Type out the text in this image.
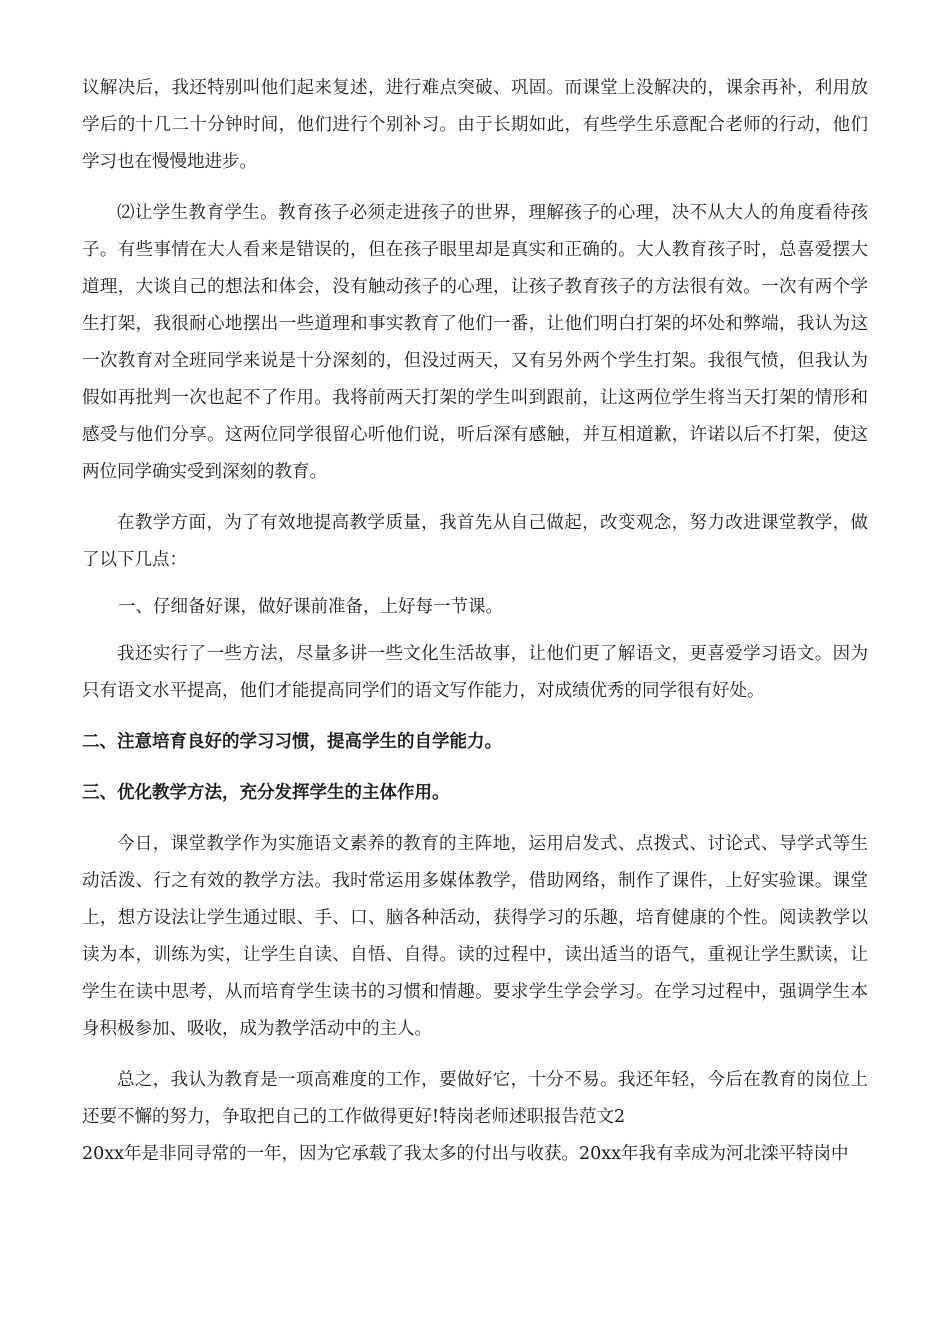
议解决后，我还特别叫他们起来复述，进行难点突破、巩固。而课堂上没解决的，课余再补，利用放学后的十几二十分钟时间，他们进行个别补习。由于长期如此，有些学生乐意配合老师的行动，他们学习也在慢慢地进步。

⑵让学生教育学生。教育孩子必须走进孩子的世界，理解孩子的心理，决不从大人的角度看待孩子。有些事情在大人看来是错误的，但在孩子眼里却是真实和正确的。大人教育孩子时，总喜爱摆大道理，大谈自己的想法和体会，没有触动孩子的心理，让孩子教育孩子的方法很有效。一次有两个学生打架，我很耐心地摆出一些道理和事实教育了他们一番，让他们明白打架的坏处和弊端，我认为这一次教育对全班同学来说是十分深刻的，但没过两天，又有另外两个学生打架。我很气愤，但我认为假如再批判一次也起不了作用。我将前两天打架的学生叫到跟前，让这两位学生将当天打架的情形和感受与他们分享。这两位同学很留心听他们说，听后深有感触，并互相道歉，许诺以后不打架，使这两位同学确实受到深刻的教育。

在教学方面，为了有效地提高教学质量，我首先从自己做起，改变观念，努力改进课堂教学，做了以下几点：

一、仔细备好课，做好课前准备，上好每一节课。

我还实行了一些方法，尽量多讲一些文化生活故事，让他们更了解语文，更喜爱学习语文。因为只有语文水平提高，他们才能提高同学们的语文写作能力，对成绩优秀的同学很有好处。

二、注意培育良好的学习习惯，提高学生的自学能力。

三、优化教学方法，充分发挥学生的主体作用。

今日，课堂教学作为实施语文素养的教育的主阵地，运用启发式、点拨式、讨论式、导学式等生动活泼、行之有效的教学方法。我时常运用多媒体教学，借助网络，制作了课件，上好实验课。课堂上，想方设法让学生通过眼、手、口、脑各种活动，获得学习的乐趣，培育健康的个性。阅读教学以读为本，训练为实，让学生自读、自悟、自得。读的过程中，读出适当的语气，重视让学生默读，让学生在读中思考，从而培育学生读书的习惯和情趣。要求学生学会学习。在学习过程中，强调学生本身积极参加、吸收，成为教学活动中的主人。

总之，我认为教育是一项高难度的工作，要做好它，十分不易。我还年轻，今后在教育的岗位上还要不懈的努力，争取把自己的工作做得更好!特岗老师述职报告范文2

20xx年是非同寻常的一年，因为它承载了我太多的付出与收获。20xx年我有幸成为河北滦平特岗中
